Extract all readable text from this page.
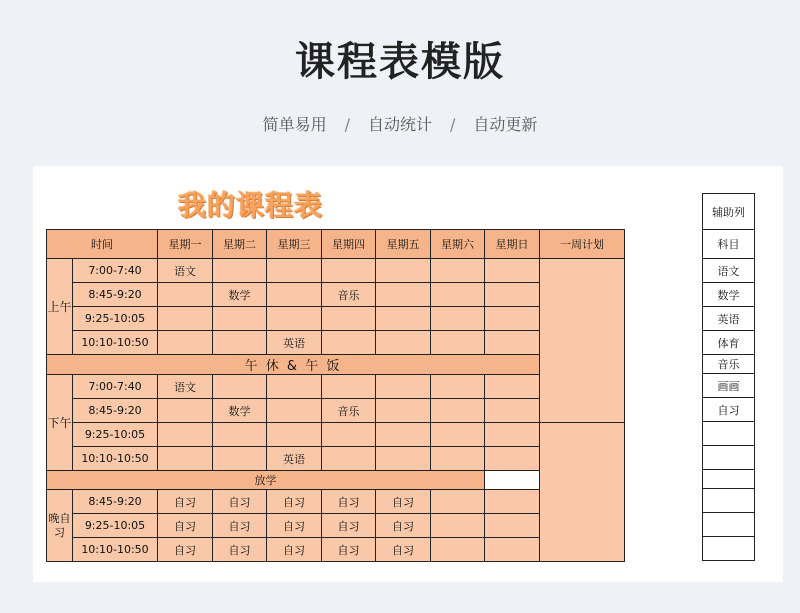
课程表模版
简单易用 / 自动统计 / 自动更新
我的课程表
时间		星期一	星期二	星期三	星期四	星期五	星期六	星期日	一周计划	
上午	7:00-7:40	语文								
	8:45-9:20		数学		音乐					
	9:25-10:05									
	10:10-10:50			英语						
午 休 & 午 饭										
下午	7:00-7:40	语文								
	8:45-9:20		数学		音乐				
	9:25-10:05									
	10:10-10:50			英语						
放学										
晚自习	8:45-9:20	自习	自习	自习	自习	自习				
	9:25-10:05	自习	自习	自习	自习	自习				
	10:10-10:50	自习	自习	自习	自习	自习				
辅助列
科目
语文
数学
英语
体育
音乐
画画
自习
